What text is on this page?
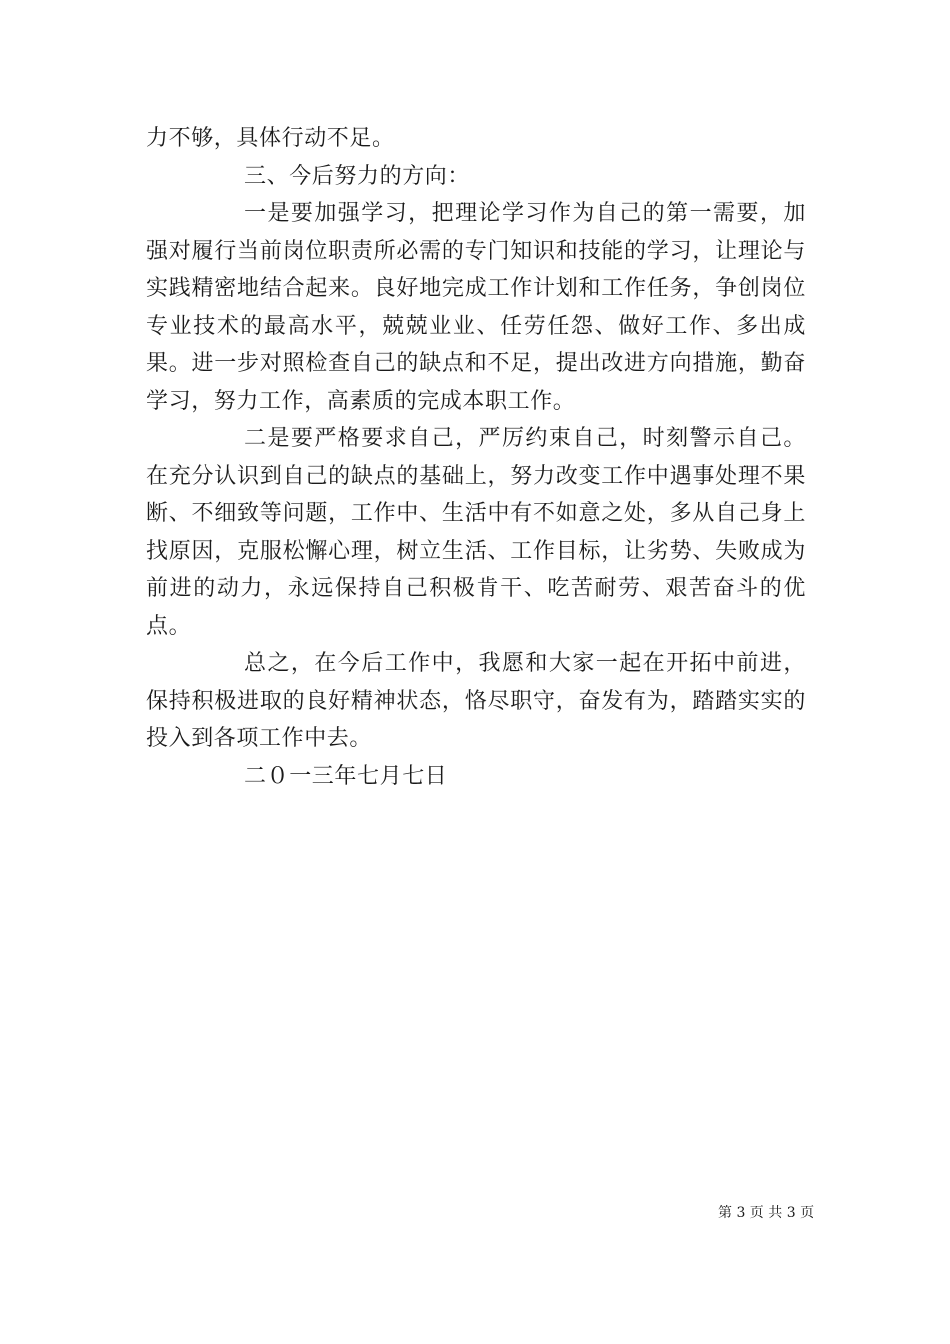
力不够，具体行动不足。

三、今后努力的方向：

一是要加强学习，把理论学习作为自己的第一需要，加强对履行当前岗位职责所必需的专门知识和技能的学习，让理论与实践精密地结合起来。良好地完成工作计划和工作任务，争创岗位专业技术的最高水平，兢兢业业、任劳任怨、做好工作、多出成果。进一步对照检查自己的缺点和不足，提出改进方向措施，勤奋学习，努力工作，高素质的完成本职工作。

二是要严格要求自己，严厉约束自己，时刻警示自己。在充分认识到自己的缺点的基础上，努力改变工作中遇事处理不果断、不细致等问题，工作中、生活中有不如意之处，多从自己身上找原因，克服松懈心理，树立生活、工作目标，让劣势、失败成为前进的动力，永远保持自己积极肯干、吃苦耐劳、艰苦奋斗的优点。

总之，在今后工作中，我愿和大家一起在开拓中前进，保持积极进取的良好精神状态，恪尽职守，奋发有为，踏踏实实的投入到各项工作中去。

二０一三年七月七日

第 3 页 共 3 页
